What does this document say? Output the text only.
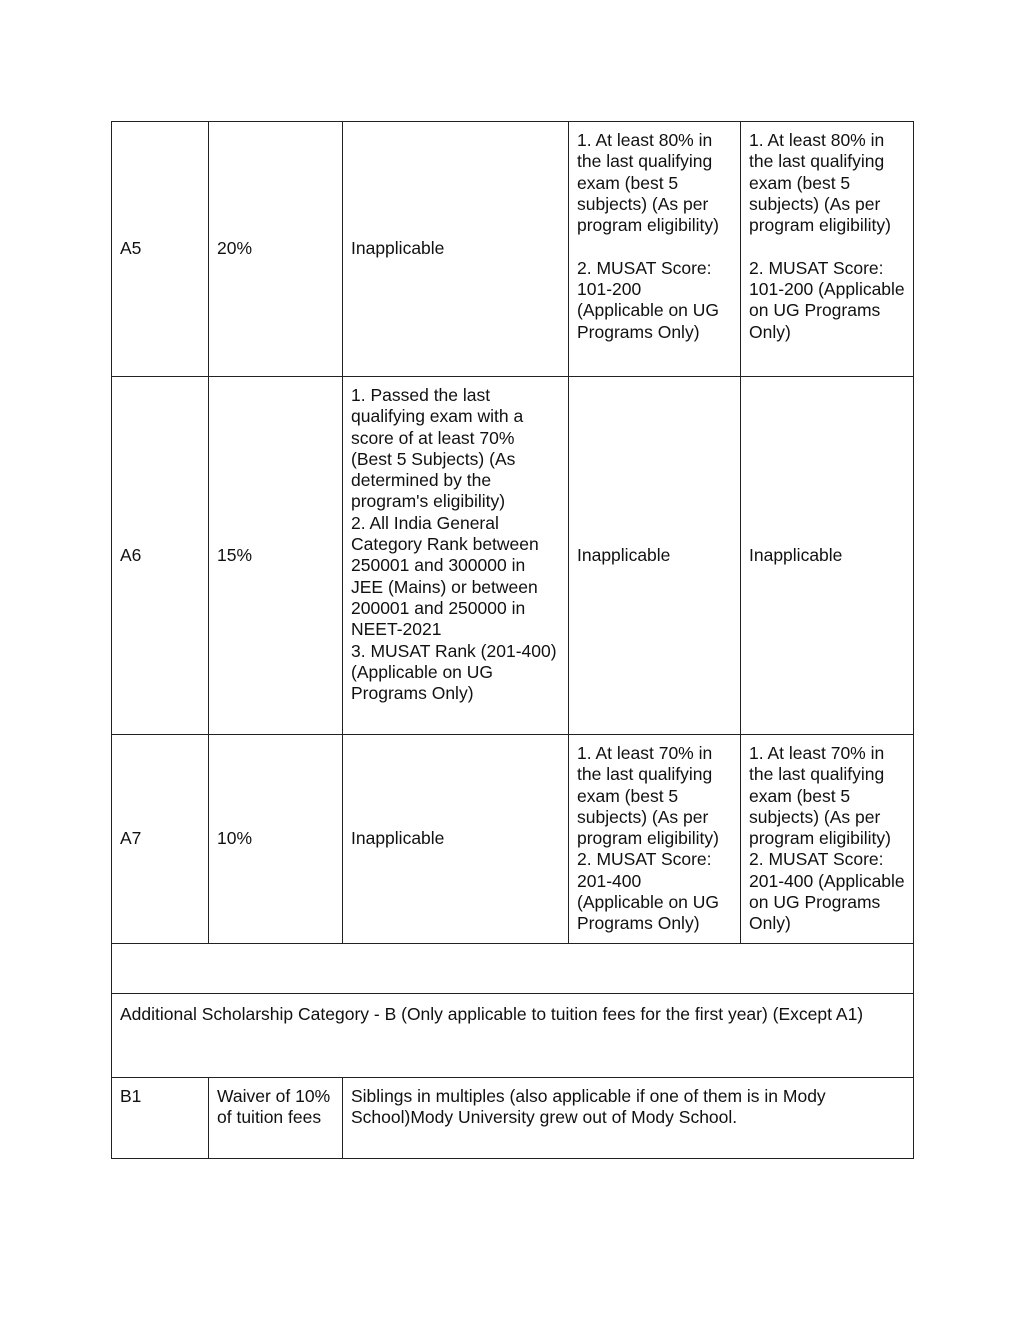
A5	20%	Inapplicable	1. At least 80% in the last qualifying exam (best 5 subjects) (As per program eligibility)

2. MUSAT Score: 101-200 (Applicable on UG Programs Only)	1. At least 80% in the last qualifying exam (best 5 subjects) (As per program eligibility)

2. MUSAT Score: 101-200 (Applicable on UG Programs Only)
A6	15%	1. Passed the last qualifying exam with a score of at least 70% (Best 5 Subjects) (As determined by the program's eligibility)
2. All India General Category Rank between 250001 and 300000 in JEE (Mains) or between 200001 and 250000 in NEET-2021
3. MUSAT Rank (201-400) (Applicable on UG Programs Only)	Inapplicable	Inapplicable
A7	10%	Inapplicable	1. At least 70% in the last qualifying exam (best 5 subjects) (As per program eligibility)
2. MUSAT Score: 201-400 (Applicable on UG Programs Only)	1. At least 70% in the last qualifying exam (best 5 subjects) (As per program eligibility)
2. MUSAT Score: 201-400 (Applicable on UG Programs Only)

Additional Scholarship Category - B (Only applicable to tuition fees for the first year) (Except A1)				
B1	Waiver of 10% of tuition fees	Siblings in multiples (also applicable if one of them is in Mody School)Mody University grew out of Mody School.		
